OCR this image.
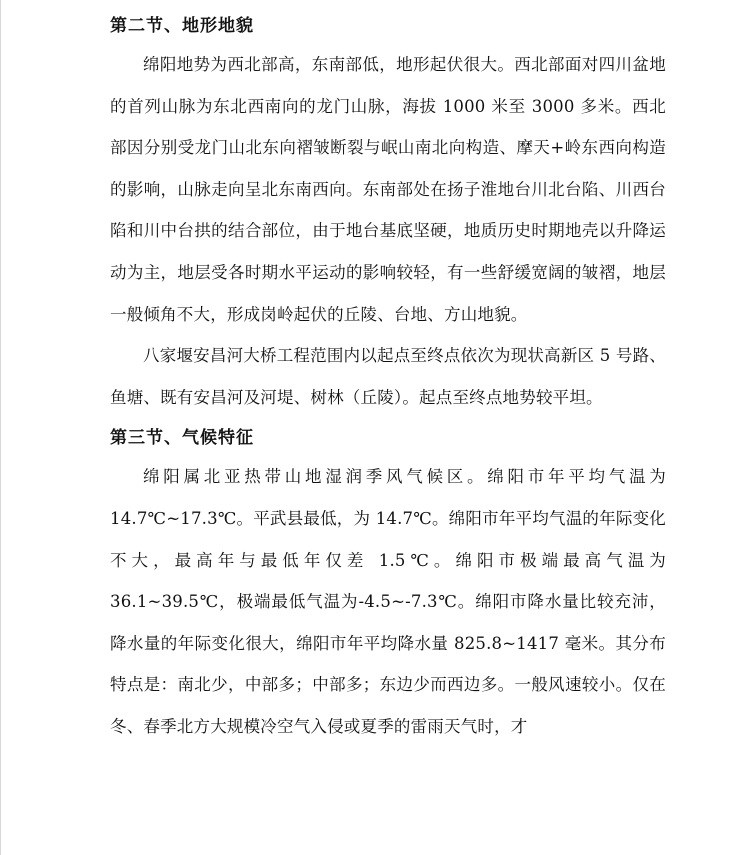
第二节、地形地貌

绵阳地势为西北部高，东南部低，地形起伏很大。西北部面对四川盆地的首列山脉为东北西南向的龙门山脉，海拔 1000 米至 3000 多米。西北部因分别受龙门山北东向褶皱断裂与岷山南北向构造、摩天+岭东西向构造的影响，山脉走向呈北东南西向。东南部处在扬子淮地台川北台陷、川西台陷和川中台拱的结合部位，由于地台基底坚硬，地质历史时期地壳以升降运动为主，地层受各时期水平运动的影响较轻，有一些舒缓宽阔的皱褶，地层一般倾角不大，形成岗岭起伏的丘陵、台地、方山地貌。

八家堰安昌河大桥工程范围内以起点至终点依次为现状高新区 5 号路、鱼塘、既有安昌河及河堤、树林（丘陵）。起点至终点地势较平坦。

第三节、气候特征

绵阳属北亚热带山地湿润季风气候区。绵阳市年平均气温为 14.7℃~17.3℃。平武县最低，为 14.7℃。绵阳市年平均气温的年际变化不大，最高年与最低年仅差 1.5℃。绵阳市极端最高气温为 36.1~39.5℃，极端最低气温为-4.5~-7.3℃。绵阳市降水量比较充沛，降水量的年际变化很大，绵阳市年平均降水量 825.8~1417 毫米。其分布特点是：南北少，中部多；中部多；东边少而西边多。一般风速较小。仅在冬、春季北方大规模冷空气入侵或夏季的雷雨天气时，才
